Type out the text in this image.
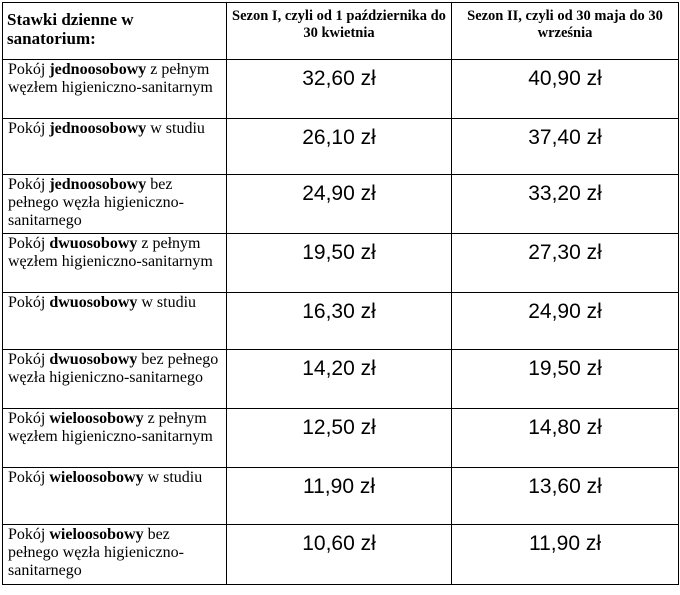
Stawki dzienne w sanatorium:	Sezon I, czyli od 1 października do 30 kwietnia	Sezon II, czyli od 30 maja do 30 września
Pokój jednoosobowy z pełnym węzłem higieniczno-sanitarnym	32,60 zł	40,90 zł
Pokój jednoosobowy w studiu	26,10 zł	37,40 zł
Pokój jednoosobowy bez pełnego węzła higieniczno-sanitarnego	24,90 zł	33,20 zł
Pokój dwuosobowy z pełnym węzłem higieniczno-sanitarnym	19,50 zł	27,30 zł
Pokój dwuosobowy w studiu	16,30 zł	24,90 zł
Pokój dwuosobowy bez pełnego węzła higieniczno-sanitarnego	14,20 zł	19,50 zł
Pokój wieloosobowy z pełnym węzłem higieniczno-sanitarnym	12,50 zł	14,80 zł
Pokój wieloosobowy w studiu	11,90 zł	13,60 zł
Pokój wieloosobowy bez pełnego węzła higieniczno-sanitarnego	10,60 zł	11,90 zł
